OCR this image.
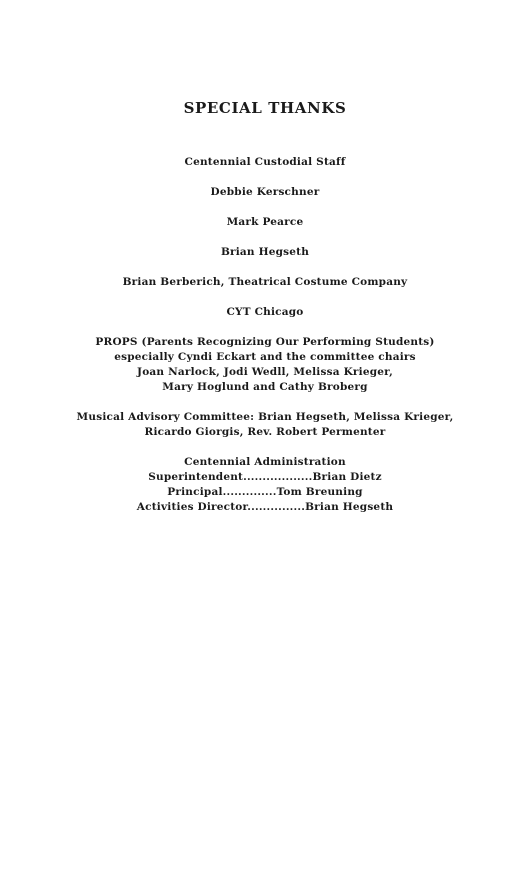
SPECIAL THANKS
Centennial Custodial Staff
Debbie Kerschner
Mark Pearce
Brian Hegseth
Brian Berberich, Theatrical Costume Company
CYT Chicago
PROPS (Parents Recognizing Our Performing Students)
especially Cyndi Eckart and the committee chairs
Joan Narlock, Jodi Wedll, Melissa Krieger,
Mary Hoglund and Cathy Broberg
Musical Advisory Committee: Brian Hegseth, Melissa Krieger,
Ricardo Giorgis, Rev. Robert Permenter
Centennial Administration
Superintendent..................Brian Dietz
Principal..............Tom Breuning
Activities Director...............Brian Hegseth
